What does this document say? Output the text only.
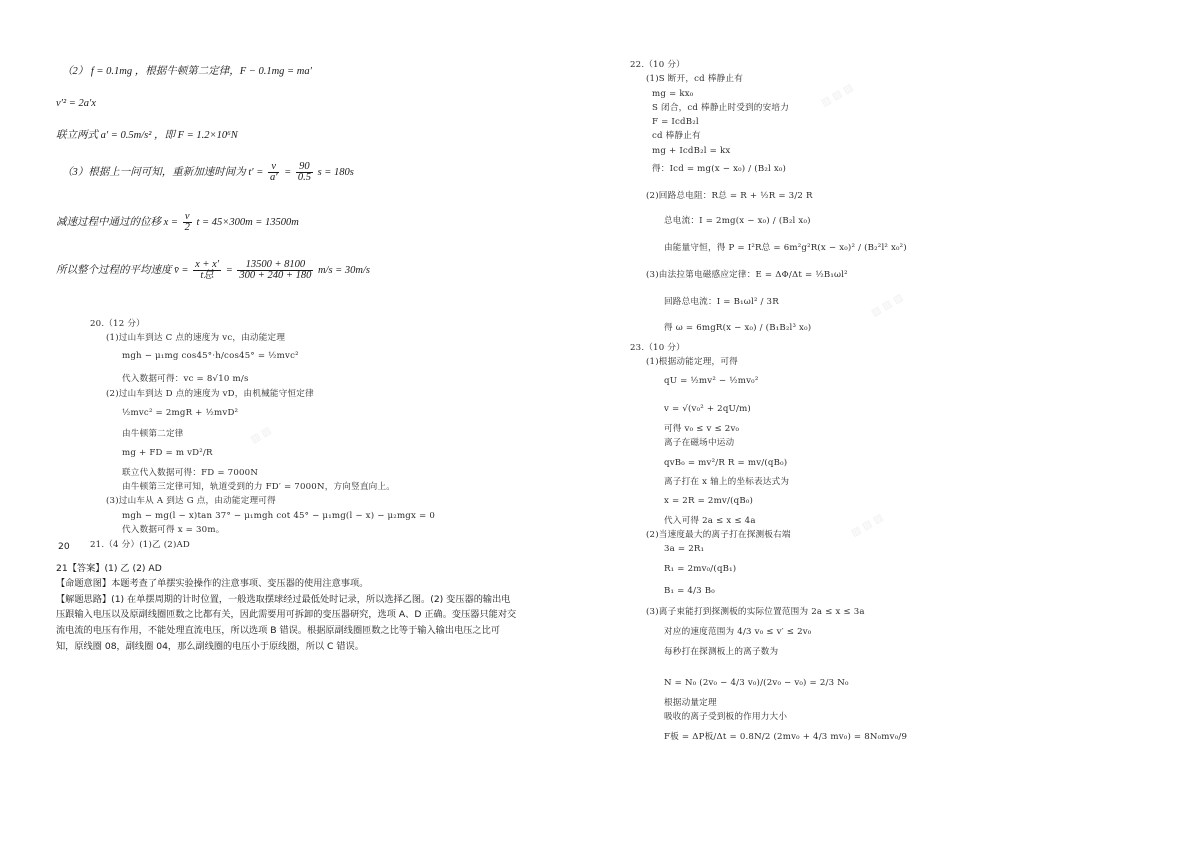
（2） f = 0.1mg ，根据牛顿第二定律，F − 0.1mg = ma′
v′² = 2a′x
联立两式 a′ = 0.5m/s² ，即 F = 1.2×10⁶N
（3）根据上一问可知，重新加速时间为 $t' = \frac{v}{a'} = \frac{90}{0.5}$ s = 180s
减速过程中通过的位移 $x = \frac{v}{2}$ t = 45×300m = 13500m
所以整个过程的平均速度 v̄ = $\frac{x + x'}{\text{t总}} = \frac{13500 + 8100}{300 + 240 + 180} m/s = 30m/s$
20.（12 分）
(1)过山车到达 C 点的速度为 vc，由动能定理
mgh − μ₁mg cos45°·h/cos45° = ½mvc²
代入数据可得：vc = 8√10 m/s
(2)过山车到达 D 点的速度为 vD，由机械能守恒定律
½mvc² = 2mgR + ½mvD²
由牛顿第二定律
mg + FD = m vD²/R
联立代入数据可得：FD = 7000N
由牛顿第三定律可知，轨道受到的力 FD′ = 7000N，方向竖直向上。
(3)过山车从 A 到达 G 点，由动能定理可得
mgh − mg(l − x)tan 37° − μ₁mgh cot 45° − μ₁mg(l − x) − μ₂mgx = 0
代入数据可得 x = 30m。
20 21.（4 分）(1)乙 (2)AD
21【答案】(1) 乙 (2) AD
【命题意图】本题考查了单摆实验操作的注意事项、变压器的使用注意事项。
【解题思路】(1) 在单摆周期的计时位置，一般选取摆球经过最低处时记录，所以选择乙图。(2) 变压器的输出电
压跟输入电压以及原副线圈匝数之比都有关，因此需要用可拆卸的变压器研究，选项 A、D 正确。变压器只能对交
流电流的电压有作用，不能处理直流电压，所以选项 B 错误。根据原副线圈匝数之比等于输入输出电压之比可
知，原线圈 08，副线圈 04，那么副线圈的电压小于原线圈，所以 C 错误。
22.（10 分）
(1)S 断开，cd 棒静止有
mg = kx₀
S 闭合，cd 棒静止时受到的安培力
F = IcdB₂l
cd 棒静止有
mg + IcdB₂l = kx
得：Icd = mg(x − x₀) / (B₂l x₀)
(2)回路总电阻：R总 = R + ½R = 3/2 R
总电流：I = 2mg(x − x₀) / (B₂l x₀)
由能量守恒，得 P = I²R总 = 6m²g²R(x − x₀)² / (B₂²l² x₀²)
(3)由法拉第电磁感应定律：E = ΔΦ/Δt = ½B₁ωl²
回路总电流：I = B₁ωl² / 3R
得 ω = 6mgR(x − x₀) / (B₁B₂l³ x₀)
23.（10 分）
(1)根据动能定理，可得
qU = ½mv² − ½mv₀²
v = √(v₀² + 2qU/m)
可得 v₀ ≤ v ≤ 2v₀
离子在磁场中运动
qvB₀ = mv²/R R = mv/(qB₀)
离子打在 x 轴上的坐标表达式为
x = 2R = 2mv/(qB₀)
代入可得 2a ≤ x ≤ 4a
(2)当速度最大的离子打在探测板右端
3a = 2R₁
R₁ = 2mv₀/(qB₁)
B₁ = 4/3 B₀
(3)离子束能打到探测板的实际位置范围为 2a ≤ x ≤ 3a
对应的速度范围为 4/3 v₀ ≤ v′ ≤ 2v₀
每秒打在探测板上的离子数为
N = N₀ (2v₀ − 4/3 v₀)/(2v₀ − v₀) = 2/3 N₀
根据动量定理
吸收的离子受到板的作用力大小
F板 = ΔP板/Δt = 0.8N/2 (2mv₀ + 4/3 mv₀) = 8N₀mv₀/9
▨ ▨ ▨
▨ ▨ ▨
▨ ▨ ▨
▨ ▨
